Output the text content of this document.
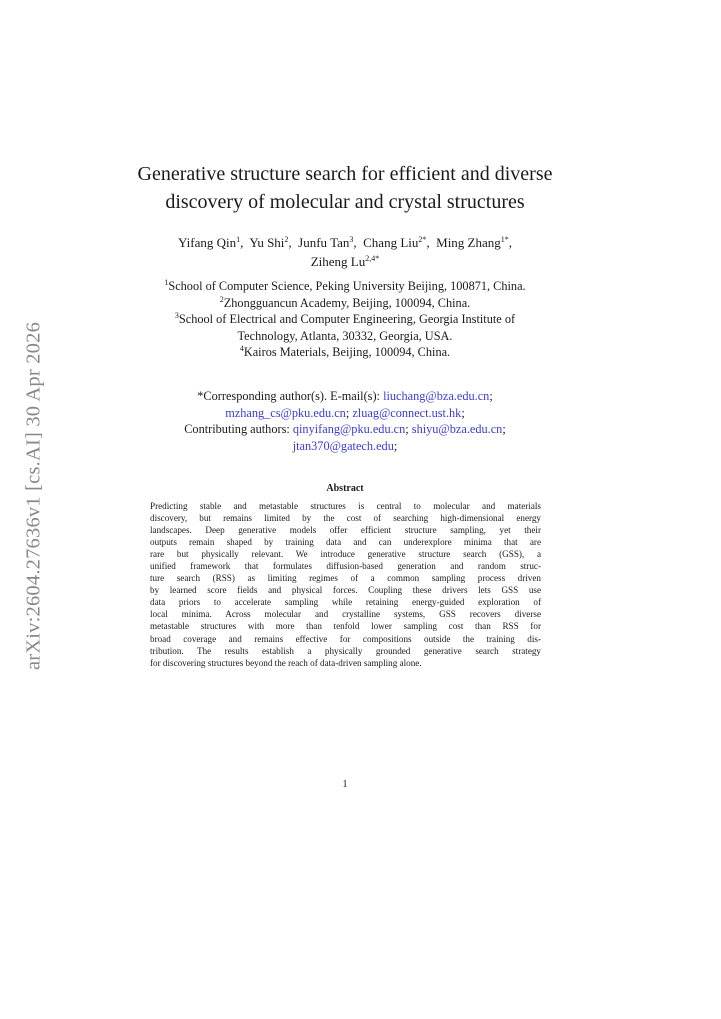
arXiv:2604.27636v1 [cs.AI] 30 Apr 2026
Generative structure search for efficient and diverse
discovery of molecular and crystal structures
Yifang Qin$^1$,  Yu Shi$^2$,  Junfu Tan$^3$,  Chang Liu$^{2*}$,  Ming Zhang$^{1*}$,
Ziheng $Lu^{2,4*}$
$^1$School of Computer Science, Peking University Beijing, 100871, China.
$^2$Zhongguancun Academy, Beijing, 100094, China.
$^3$School of Electrical and Computer Engineering, Georgia Institute of
Technology, Atlanta, 30332, Georgia, USA.
$^4$Kairos Materials, Beijing, 100094, China.
*Corresponding author(s). E-mail(s): liuchang@bza.edu.cn;
mzhang_cs@pku.edu.cn; zluag@connect.ust.hk;
Contributing authors: qinyifang@pku.edu.cn; shiyu@bza.edu.cn;
jtan370@gatech.edu;
Abstract
Predicting stable and metastable structures is central to molecular and materials
discovery, but remains limited by the cost of searching high-dimensional energy
landscapes. Deep generative models offer efficient structure sampling, yet their
outputs remain shaped by training data and can underexplore minima that are
rare but physically relevant. We introduce generative structure search (GSS), a
unified framework that formulates diffusion-based generation and random struc-
ture search (RSS) as limiting regimes of a common sampling process driven
by learned score fields and physical forces. Coupling these drivers lets GSS use
data priors to accelerate sampling while retaining energy-guided exploration of
local minima. Across molecular and crystalline systems, GSS recovers diverse
metastable structures with more than tenfold lower sampling cost than RSS for
broad coverage and remains effective for compositions outside the training dis-
tribution. The results establish a physically grounded generative search strategy
for discovering structures beyond the reach of data-driven sampling alone.
1
